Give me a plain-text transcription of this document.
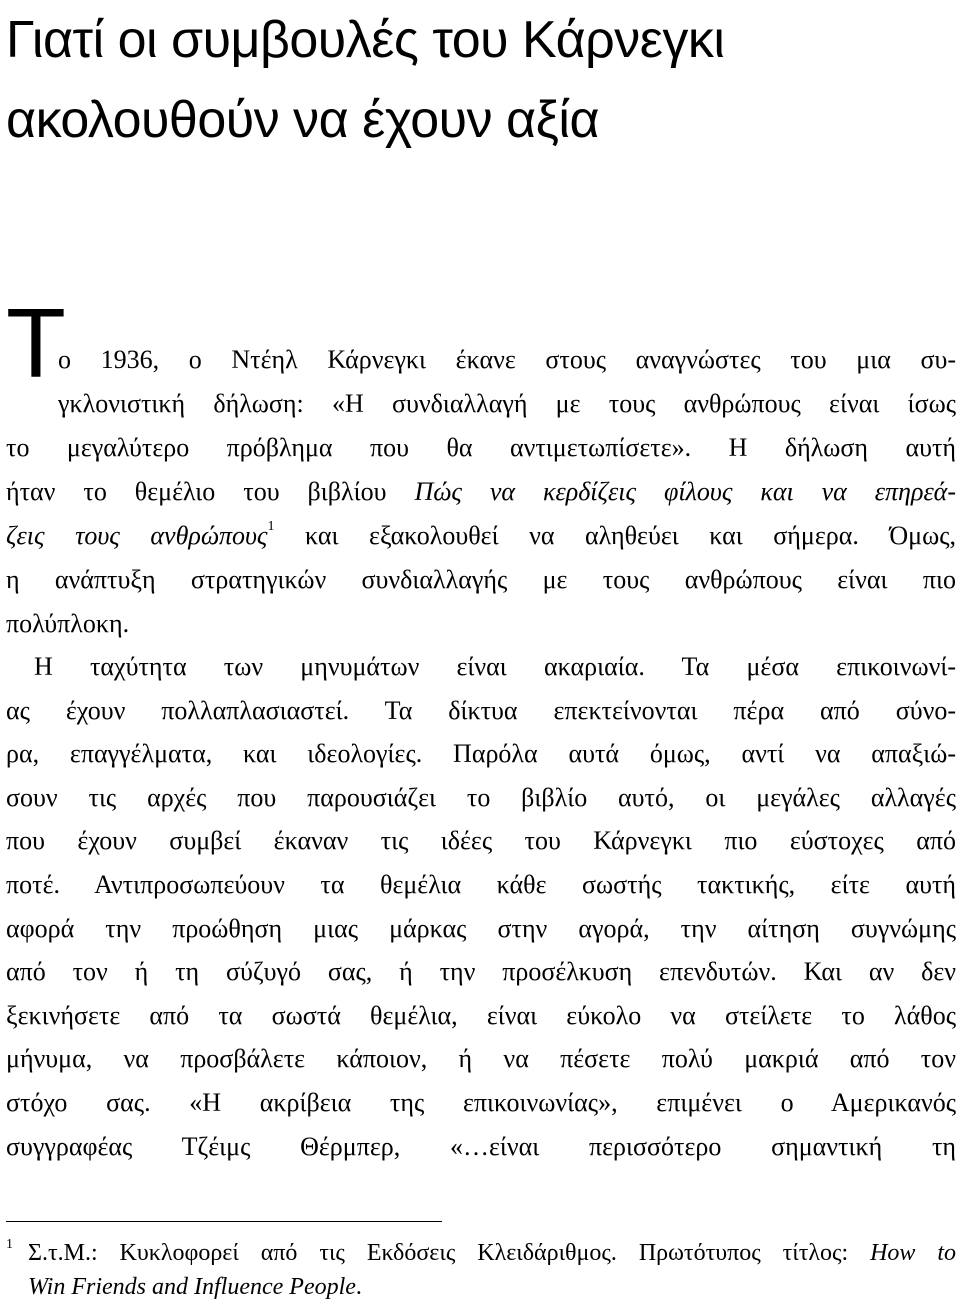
Γιατί οι συμβουλές του Κάρνεγκι
ακολουθούν να έχουν αξία
Τ
ο 1936, ο Ντέηλ Κάρνεγκι έκανε στους αναγνώστες του μια συ-
γκλονιστική δήλωση: «Η συνδιαλλαγή με τους ανθρώπους είναι ίσως
το μεγαλύτερο πρόβλημα που θα αντιμετωπίσετε». Η δήλωση αυτή
ήταν το θεμέλιο του βιβλίου Πώς να κερδίζεις φίλους και να επηρεά-
ζεις τους ανθρώπους$^1$ και εξακολουθεί να αληθεύει και σήμερα. Όμως,
η ανάπτυξη στρατηγικών συνδιαλλαγής με τους ανθρώπους είναι πιο
πολύπλοκη.
Η ταχύτητα των μηνυμάτων είναι ακαριαία. Τα μέσα επικοινωνί-
ας έχουν πολλαπλασιαστεί. Τα δίκτυα επεκτείνονται πέρα από σύνο-
ρα, επαγγέλματα, και ιδεολογίες. Παρόλα αυτά όμως, αντί να απαξιώ-
σουν τις αρχές που παρουσιάζει το βιβλίο αυτό, οι μεγάλες αλλαγές
που έχουν συμβεί έκαναν τις ιδέες του Κάρνεγκι πιο εύστοχες από
ποτέ. Αντιπροσωπεύουν τα θεμέλια κάθε σωστής τακτικής, είτε αυτή
αφορά την προώθηση μιας μάρκας στην αγορά, την αίτηση συγνώμης
από τον ή τη σύζυγό σας, ή την προσέλκυση επενδυτών. Και αν δεν
ξεκινήσετε από τα σωστά θεμέλια, είναι εύκολο να στείλετε το λάθος
μήνυμα, να προσβάλετε κάποιον, ή να πέσετε πολύ μακριά από τον
στόχο σας. «Η ακρίβεια της επικοινωνίας», επιμένει ο Αμερικανός
συγγραφέας Τζέιμς Θέρμπερ, «…είναι περισσότερο σημαντική τη
1 Σ.τ.Μ.: Κυκλοφορεί από τις Εκδόσεις Κλειδάριθμος. Πρωτότυπος τίτλος: How to
Win Friends and Influence People.
